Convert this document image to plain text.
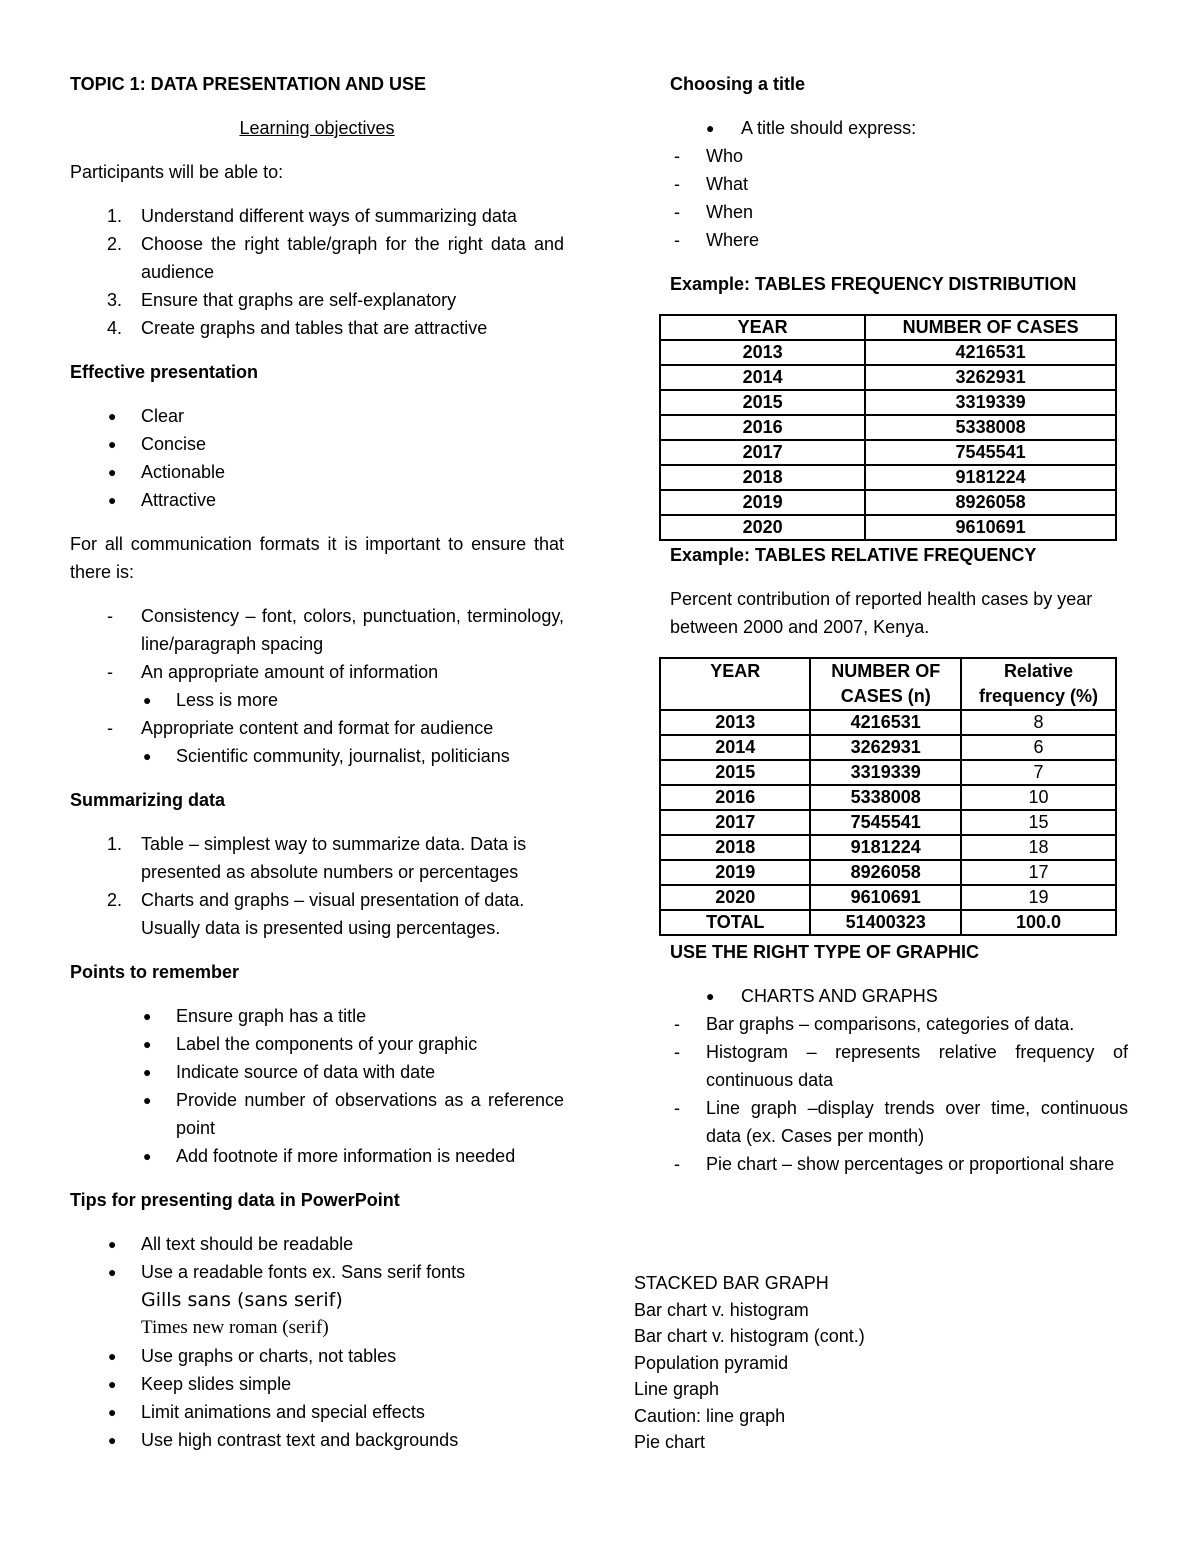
TOPIC 1: DATA PRESENTATION AND USE
Learning objectives
Participants will be able to:
1. Understand different ways of summarizing data
2. Choose the right table/graph for the right data and audience
3. Ensure that graphs are self-explanatory
4. Create graphs and tables that are attractive
Effective presentation
● Clear
● Concise
● Actionable
● Attractive
For all communication formats it is important to ensure that there is:
- Consistency – font, colors, punctuation, terminology, line/paragraph spacing
- An appropriate amount of information
● Less is more
- Appropriate content and format for audience
● Scientific community, journalist, politicians
Summarizing data
1. Table – simplest way to summarize data. Data is presented as absolute numbers or percentages
2. Charts and graphs – visual presentation of data. Usually data is presented using percentages.
Points to remember
● Ensure graph has a title
● Label the components of your graphic
● Indicate source of data with date
● Provide number of observations as a reference point
● Add footnote if more information is needed
Tips for presenting data in PowerPoint
● All text should be readable
● Use a readable fonts ex. Sans serif fonts
Gills sans (sans serif)
Times new roman (serif)
● Use graphs or charts, not tables
● Keep slides simple
● Limit animations and special effects
● Use high contrast text and backgrounds
Choosing a title
● A title should express:
- Who
- What
- When
- Where
Example: TABLES FREQUENCY DISTRIBUTION
YEAR	NUMBER OF CASES
2013	4216531
2014	3262931
2015	3319339
2016	5338008
2017	7545541
2018	9181224
2019	8926058
2020	9610691
Example: TABLES RELATIVE FREQUENCY
Percent contribution of reported health cases by year between 2000 and 2007, Kenya.
YEAR	NUMBER OF CASES (n)	Relative frequency (%)
2013	4216531	8
2014	3262931	6
2015	3319339	7
2016	5338008	10
2017	7545541	15
2018	9181224	18
2019	8926058	17
2020	9610691	19
TOTAL	51400323	100.0
USE THE RIGHT TYPE OF GRAPHIC
● CHARTS AND GRAPHS
- Bar graphs – comparisons, categories of data.
- Histogram – represents relative frequency of continuous data
- Line graph –display trends over time, continuous data (ex. Cases per month)
- Pie chart – show percentages or proportional share
STACKED BAR GRAPH
Bar chart v. histogram
Bar chart v. histogram (cont.)
Population pyramid
Line graph
Caution: line graph
Pie chart
